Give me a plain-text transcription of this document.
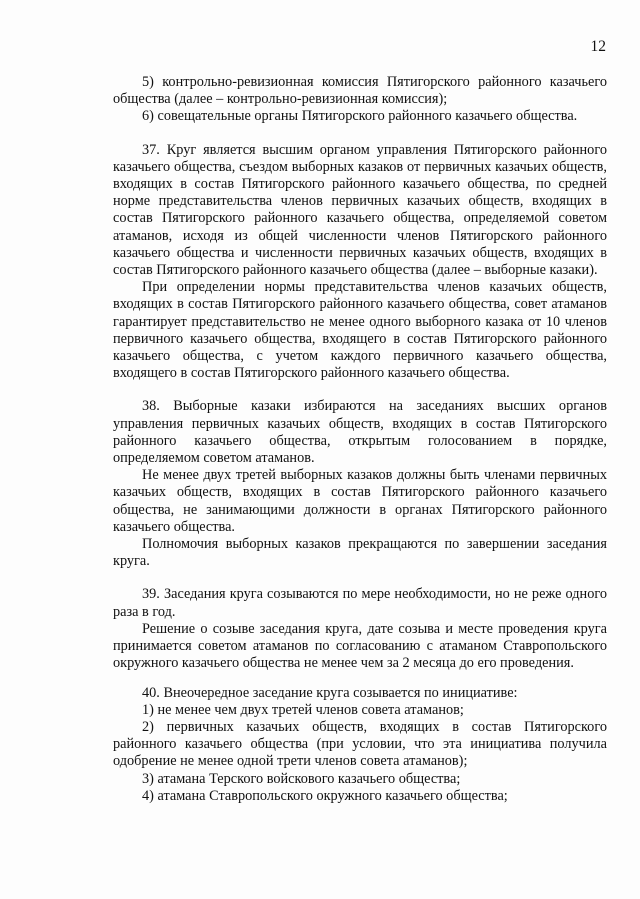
12

5) контрольно-ревизионная комиссия Пятигорского районного казачьего общества (далее – контрольно-ревизионная комиссия);

6) совещательные органы Пятигорского районного казачьего общества.

37. Круг является высшим органом управления Пятигорского районного казачьего общества, съездом выборных казаков от первичных казачьих обществ, входящих в состав Пятигорского районного казачьего общества, по средней норме представительства членов первичных казачьих обществ, входящих в состав Пятигорского районного казачьего общества, определяемой советом атаманов, исходя из общей численности членов Пятигорского районного казачьего общества и численности первичных казачьих обществ, входящих в состав Пятигорского районного казачьего общества (далее – выборные казаки).

При определении нормы представительства членов казачьих обществ, входящих в состав Пятигорского районного казачьего общества, совет атаманов гарантирует представительство не менее одного выборного казака от 10 членов первичного казачьего общества, входящего в состав Пятигорского районного казачьего общества, с учетом каждого первичного казачьего общества, входящего в состав Пятигорского районного казачьего общества.

38. Выборные казаки избираются на заседаниях высших органов управления первичных казачьих обществ, входящих в состав Пятигорского районного казачьего общества, открытым голосованием в порядке, определяемом советом атаманов.

Не менее двух третей выборных казаков должны быть членами первичных казачьих обществ, входящих в состав Пятигорского районного казачьего общества, не занимающими должности в органах Пятигорского районного казачьего общества.

Полномочия выборных казаков прекращаются по завершении заседания круга.

39. Заседания круга созываются по мере необходимости, но не реже одного раза в год.

Решение о созыве заседания круга, дате созыва и месте проведения круга принимается советом атаманов по согласованию с атаманом Ставропольского окружного казачьего общества не менее чем за 2 месяца до его проведения.

40. Внеочередное заседание круга созывается по инициативе:

1) не менее чем двух третей членов совета атаманов;

2) первичных казачьих обществ, входящих в состав Пятигорского районного казачьего общества (при условии, что эта инициатива получила одобрение не менее одной трети членов совета атаманов);

3) атамана Терского войскового казачьего общества;

4) атамана Ставропольского окружного казачьего общества;
